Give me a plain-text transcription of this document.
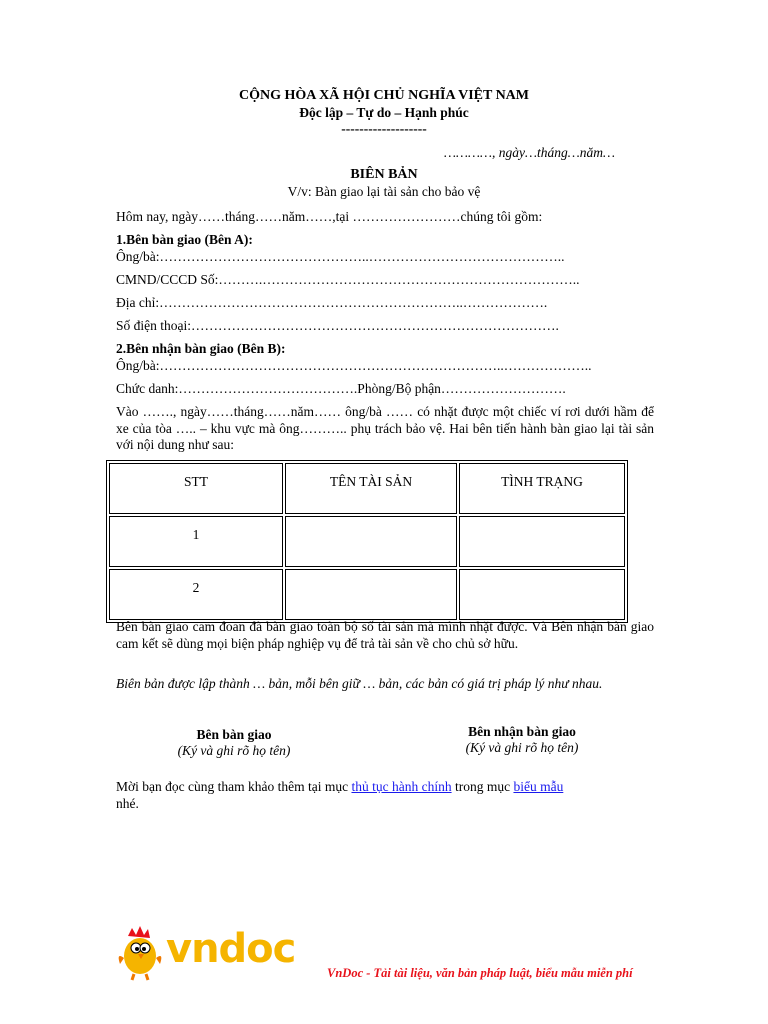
CỘNG HÒA XÃ HỘI CHỦ NGHĨA VIỆT NAM
Độc lập – Tự do – Hạnh phúc
-------------------
…………, ngày…tháng…năm…
BIÊN BẢN
V/v: Bàn giao lại tài sản cho bảo vệ
Hôm nay, ngày……tháng……năm……,tại ……………………chúng tôi gồm:
1.Bên bàn giao (Bên A):
Ông/bà:………………………………………..……………………………………..
CMND/CCCD Số:……….……………………………………………………………..
Địa chỉ:…………………………………………………………..……………….
Số điện thoại:……………………………………………………………………….
2.Bên nhận bàn giao (Bên B):
Ông/bà:…………………………………………………………………..………………..
Chức danh:………………………………….Phòng/Bộ phận……………………….
Vào ……., ngày……tháng……năm…… ông/bà …… có nhặt được một chiếc ví rơi dưới hầm để xe của tòa ….. – khu vực mà ông……….. phụ trách bảo vệ. Hai bên tiến hành bàn giao lại tài sản với nội dung như sau:
STT	TÊN TÀI SẢN	TÌNH TRẠNG
1		
2		
Bên bàn giao cam đoan đã bàn giao toàn bộ số tài sản mà mình nhặt được. Và Bên nhận bàn giao cam kết sẽ dùng mọi biện pháp nghiệp vụ để trả tài sản về cho chủ sở hữu.
Biên bản được lập thành … bản, mỗi bên giữ … bản, các bản có giá trị pháp lý như nhau.
Bên bàn giao
(Ký và ghi rõ họ tên)
Bên nhận bàn giao
(Ký và ghi rõ họ tên)
Mời bạn đọc cùng tham khảo thêm tại mục thủ tục hành chính trong mục biểu mẫu
nhé.
vndoc
VnDoc - Tải tài liệu, văn bản pháp luật, biểu mẫu miễn phí
